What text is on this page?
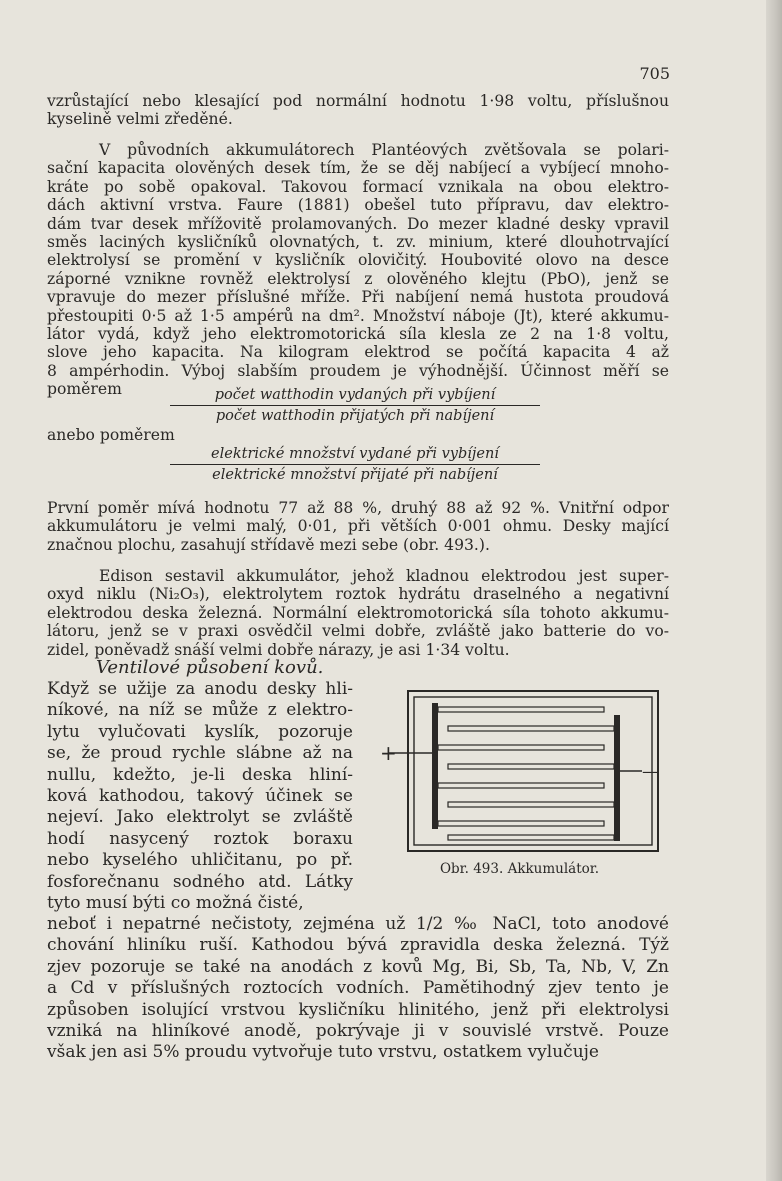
705
vzrůstající nebo klesající pod normální hodnotu 1·98 voltu, příslušnou
kyselině velmi zředěné.
V původních akkumulátorech Plantéových zvětšovala se polari-
sační kapacita olověných desek tím, že se děj nabíjecí a vybíjecí mnoho-
kráte po sobě opakoval. Takovou formací vznikala na obou elektro-
dách aktivní vrstva. Faure (1881) obešel tuto přípravu, dav elektro-
dám tvar desek mřížovitě prolamovaných. Do mezer kladné desky vpravil
směs laciných kysličníků olovnatých, t. zv. minium, které dlouhotrvající
elektrolysí se promění v kysličník olovičitý. Houbovité olovo na desce
záporné vznikne rovněž elektrolysí z olověného klejtu (PbO), jenž se
vpravuje do mezer příslušné mříže. Při nabíjení nemá hustota proudová
přestoupiti 0·5 až 1·5 ampérů na dm². Množství náboje (Jt), které akkumu-
látor vydá, když jeho elektromotorická síla klesla ze 2 na 1·8 voltu,
slove jeho kapacita. Na kilogram elektrod se počítá kapacita 4 až
8 ampérhodin. Výboj slabším proudem je výhodnější. Účinnost měří se
poměrem	počet watthodin vydaných při vybíjení
počet watthodin přijatých při nabíjení
anebo poměrem
elektrické množství vydané při vybíjení
elektrické množství přijaté při nabíjení
První poměr mívá hodnotu 77 až 88 %, druhý 88 až 92 %. Vnitřní odpor
akkumulátoru je velmi malý, 0·01, při větších 0·001 ohmu. Desky mající
značnou plochu, zasahují střídavě mezi sebe (obr. 493.).
Edison sestavil akkumulátor, jehož kladnou elektrodou jest super-
oxyd niklu (Ni₂O₃), elektrolytem roztok hydrátu draselného a negativní
elektrodou deska železná. Normální elektromotorická síla tohoto akkumu-
látoru, jenž se v praxi osvědčil velmi dobře, zvláště jako batterie do vo-
zidel, poněvadž snáší velmi dobře nárazy, je asi 1·34 voltu.
Ventilové působení kovů.
Když se užije za anodu desky hli-
níkové, na níž se může z elektro-
lytu vylučovati kyslík, pozoruje
se, že proud rychle slábne až na
nullu, kdežto, je-li deska hliní-
ková kathodou, takový účinek se
nejeví. Jako elektrolyt se zvláště
hodí nasycený roztok boraxu
nebo kyselého uhličitanu, po př.
fosforečnanu sodného atd. Látky
tyto musí býti co možná čisté,
+
—
Obr. 493. Akkumulátor.
neboť i nepatrné nečistoty, zejména už 1/2 ‰ NaCl, toto anodové
chování hliníku ruší. Kathodou bývá zpravidla deska železná. Týž
zjev pozoruje se také na anodách z kovů Mg, Bi, Sb, Ta, Nb, V, Zn
a Cd v příslušných roztocích vodních. Pamětihodný zjev tento je
způsoben isolující vrstvou kysličníku hlinitého, jenž při elektrolysi
vzniká na hliníkové anodě, pokrývaje ji v souvislé vrstvě. Pouze
však jen asi 5% proudu vytvořuje tuto vrstvu, ostatkem vylučuje
